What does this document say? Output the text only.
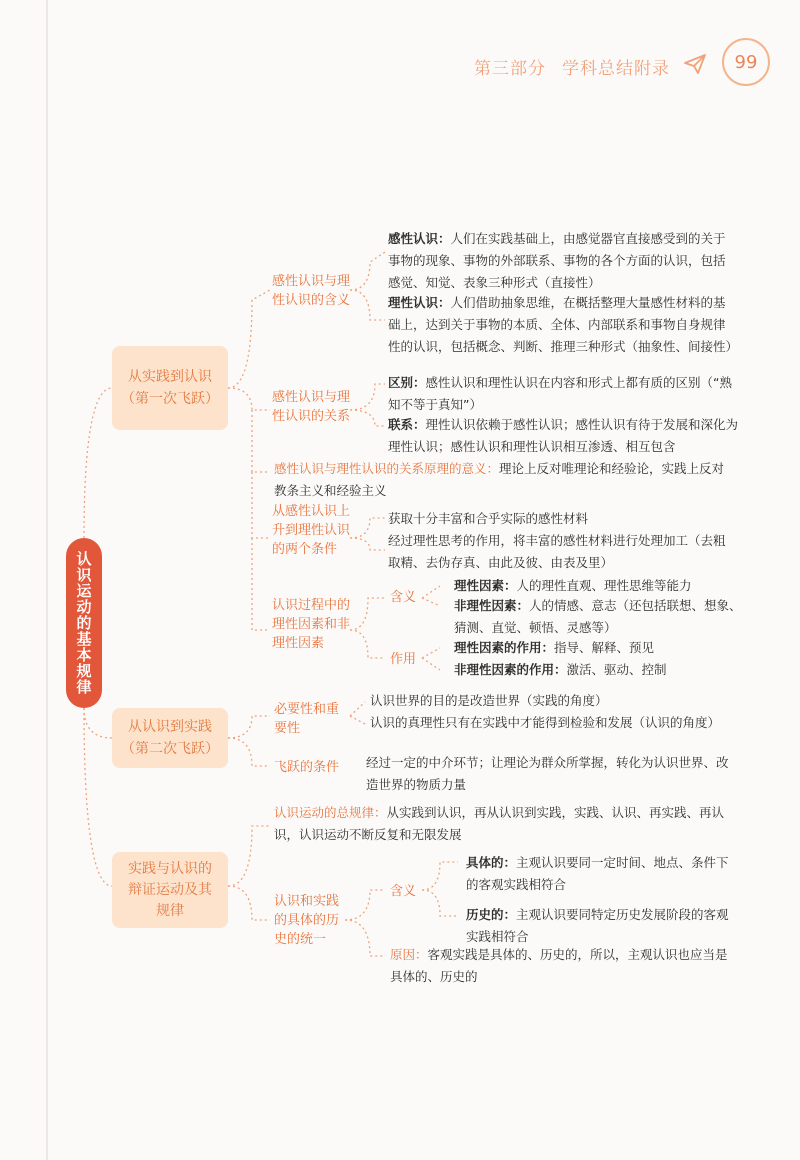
第三部分 学科总结附录	99
认识运动的基本规律
从实践到认识
（第一次飞跃）
感性认识与理性认识的含义
感性认识：人们在实践基础上，由感觉器官直接感受到的关于事物的现象、事物的外部联系、事物的各个方面的认识，包括感觉、知觉、表象三种形式（直接性）
理性认识：人们借助抽象思维，在概括整理大量感性材料的基础上，达到关于事物的本质、全体、内部联系和事物自身规律性的认识，包括概念、判断、推理三种形式（抽象性、间接性）
感性认识与理性认识的关系
区别：感性认识和理性认识在内容和形式上都有质的区别（“熟知不等于真知”）
联系：理性认识依赖于感性认识；感性认识有待于发展和深化为理性认识；感性认识和理性认识相互渗透、相互包含
感性认识与理性认识的关系原理的意义：理论上反对唯理论和经验论，实践上反对教条主义和经验主义
从感性认识上升到理性认识的两个条件
获取十分丰富和合乎实际的感性材料
经过理性思考的作用，将丰富的感性材料进行处理加工（去粗取精、去伪存真、由此及彼、由表及里）
认识过程中的理性因素和非理性因素
含义
理性因素：人的理性直观、理性思维等能力
非理性因素：人的情感、意志（还包括联想、想象、猜测、直觉、顿悟、灵感等）
作用
理性因素的作用：指导、解释、预见
非理性因素的作用：激活、驱动、控制
从认识到实践
（第二次飞跃）
必要性和重要性
认识世界的目的是改造世界（实践的角度）
认识的真理性只有在实践中才能得到检验和发展（认识的角度）
飞跃的条件 经过一定的中介环节；让理论为群众所掌握，转化为认识世界、改造世界的物质力量
实践与认识的
辩证运动及其
规律
认识运动的总规律：从实践到认识，再从认识到实践，实践、认识、再实践、再认识，认识运动不断反复和无限发展
认识和实践的具体的历史的统一
含义
具体的：主观认识要同一定时间、地点、条件下的客观实践相符合
历史的：主观认识要同特定历史发展阶段的客观实践相符合
原因：客观实践是具体的、历史的，所以，主观认识也应当是具体的、历史的
